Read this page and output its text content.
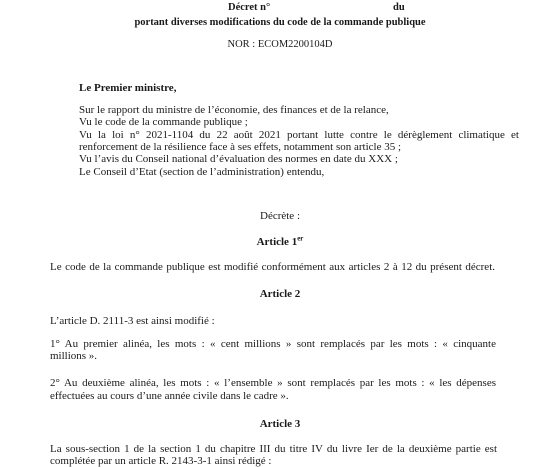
Décret n°	du
portant diverses modifications du code de la commande publique
NOR : ECOM2200104D
Le Premier ministre,
Sur le rapport du ministre de l’économie, des finances et de la relance,
Vu le code de la commande publique ;
Vu la loi n° 2021-1104 du 22 août 2021 portant lutte contre le dérèglement climatique et
renforcement de la résilience face à ses effets, notamment son article 35 ;
Vu l’avis du Conseil national d’évaluation des normes en date du XXX ;
Le Conseil d’Etat (section de l’administration) entendu,
Décrète :
Article 1er
Le code de la commande publique est modifié conformément aux articles 2 à 12 du présent décret.
Article 2
L’article D. 2111-3 est ainsi modifié :
1° Au premier alinéa, les mots : « cent millions » sont remplacés par les mots : « cinquante
millions ».
2° Au deuxième alinéa, les mots : « l’ensemble » sont remplacés par les mots : « les dépenses
effectuées au cours d’une année civile dans le cadre ».
Article 3
La sous-section 1 de la section 1 du chapitre III du titre IV du livre Ier de la deuxième partie est
complétée par un article R. 2143-3-1 ainsi rédigé :
